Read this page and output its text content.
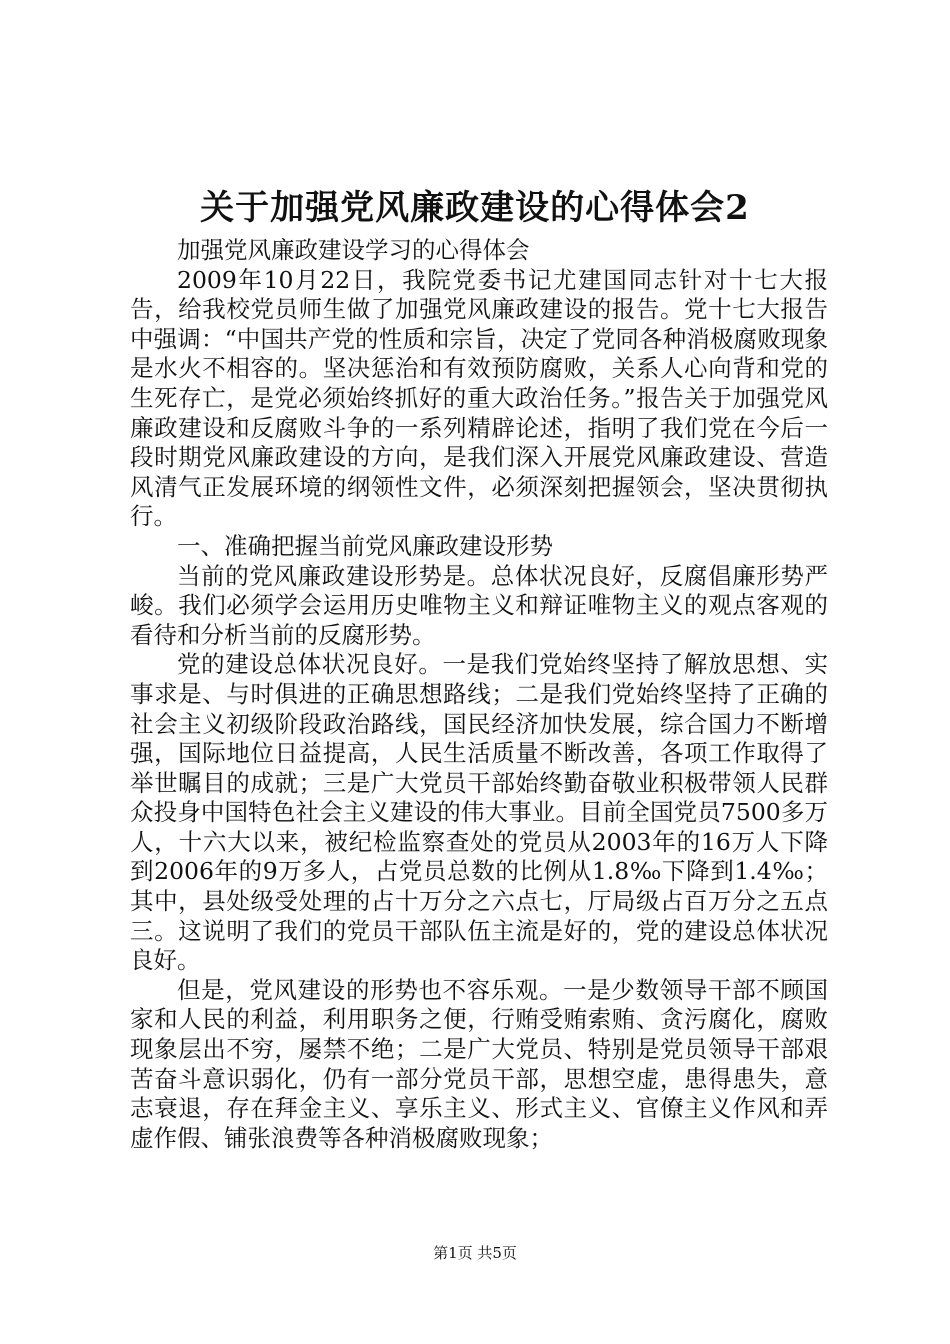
关于加强党风廉政建设的心得体会2

加强党风廉政建设学习的心得体会

2009年10月22日，我院党委书记尤建国同志针对十七大报告，给我校党员师生做了加强党风廉政建设的报告。党十七大报告中强调：“中国共产党的性质和宗旨，决定了党同各种消极腐败现象是水火不相容的。坚决惩治和有效预防腐败，关系人心向背和党的生死存亡，是党必须始终抓好的重大政治任务。”报告关于加强党风廉政建设和反腐败斗争的一系列精辟论述，指明了我们党在今后一段时期党风廉政建设的方向，是我们深入开展党风廉政建设、营造风清气正发展环境的纲领性文件，必须深刻把握领会，坚决贯彻执行。

一、准确把握当前党风廉政建设形势

当前的党风廉政建设形势是。总体状况良好，反腐倡廉形势严峻。我们必须学会运用历史唯物主义和辩证唯物主义的观点客观的看待和分析当前的反腐形势。

党的建设总体状况良好。一是我们党始终坚持了解放思想、实事求是、与时俱进的正确思想路线；二是我们党始终坚持了正确的社会主义初级阶段政治路线，国民经济加快发展，综合国力不断增强，国际地位日益提高，人民生活质量不断改善，各项工作取得了举世瞩目的成就；三是广大党员干部始终勤奋敬业积极带领人民群众投身中国特色社会主义建设的伟大事业。目前全国党员7500多万人，十六大以来，被纪检监察查处的党员从2003年的16万人下降到2006年的9万多人，占党员总数的比例从1.8‰下降到1.4‰；其中，县处级受处理的占十万分之六点七，厅局级占百万分之五点三。这说明了我们的党员干部队伍主流是好的，党的建设总体状况良好。

但是，党风建设的形势也不容乐观。一是少数领导干部不顾国家和人民的利益，利用职务之便，行贿受贿索贿、贪污腐化，腐败现象层出不穷，屡禁不绝；二是广大党员、特别是党员领导干部艰苦奋斗意识弱化，仍有一部分党员干部，思想空虚，患得患失，意志衰退，存在拜金主义、享乐主义、形式主义、官僚主义作风和弄虚作假、铺张浪费等各种消极腐败现象；

第1页 共5页
